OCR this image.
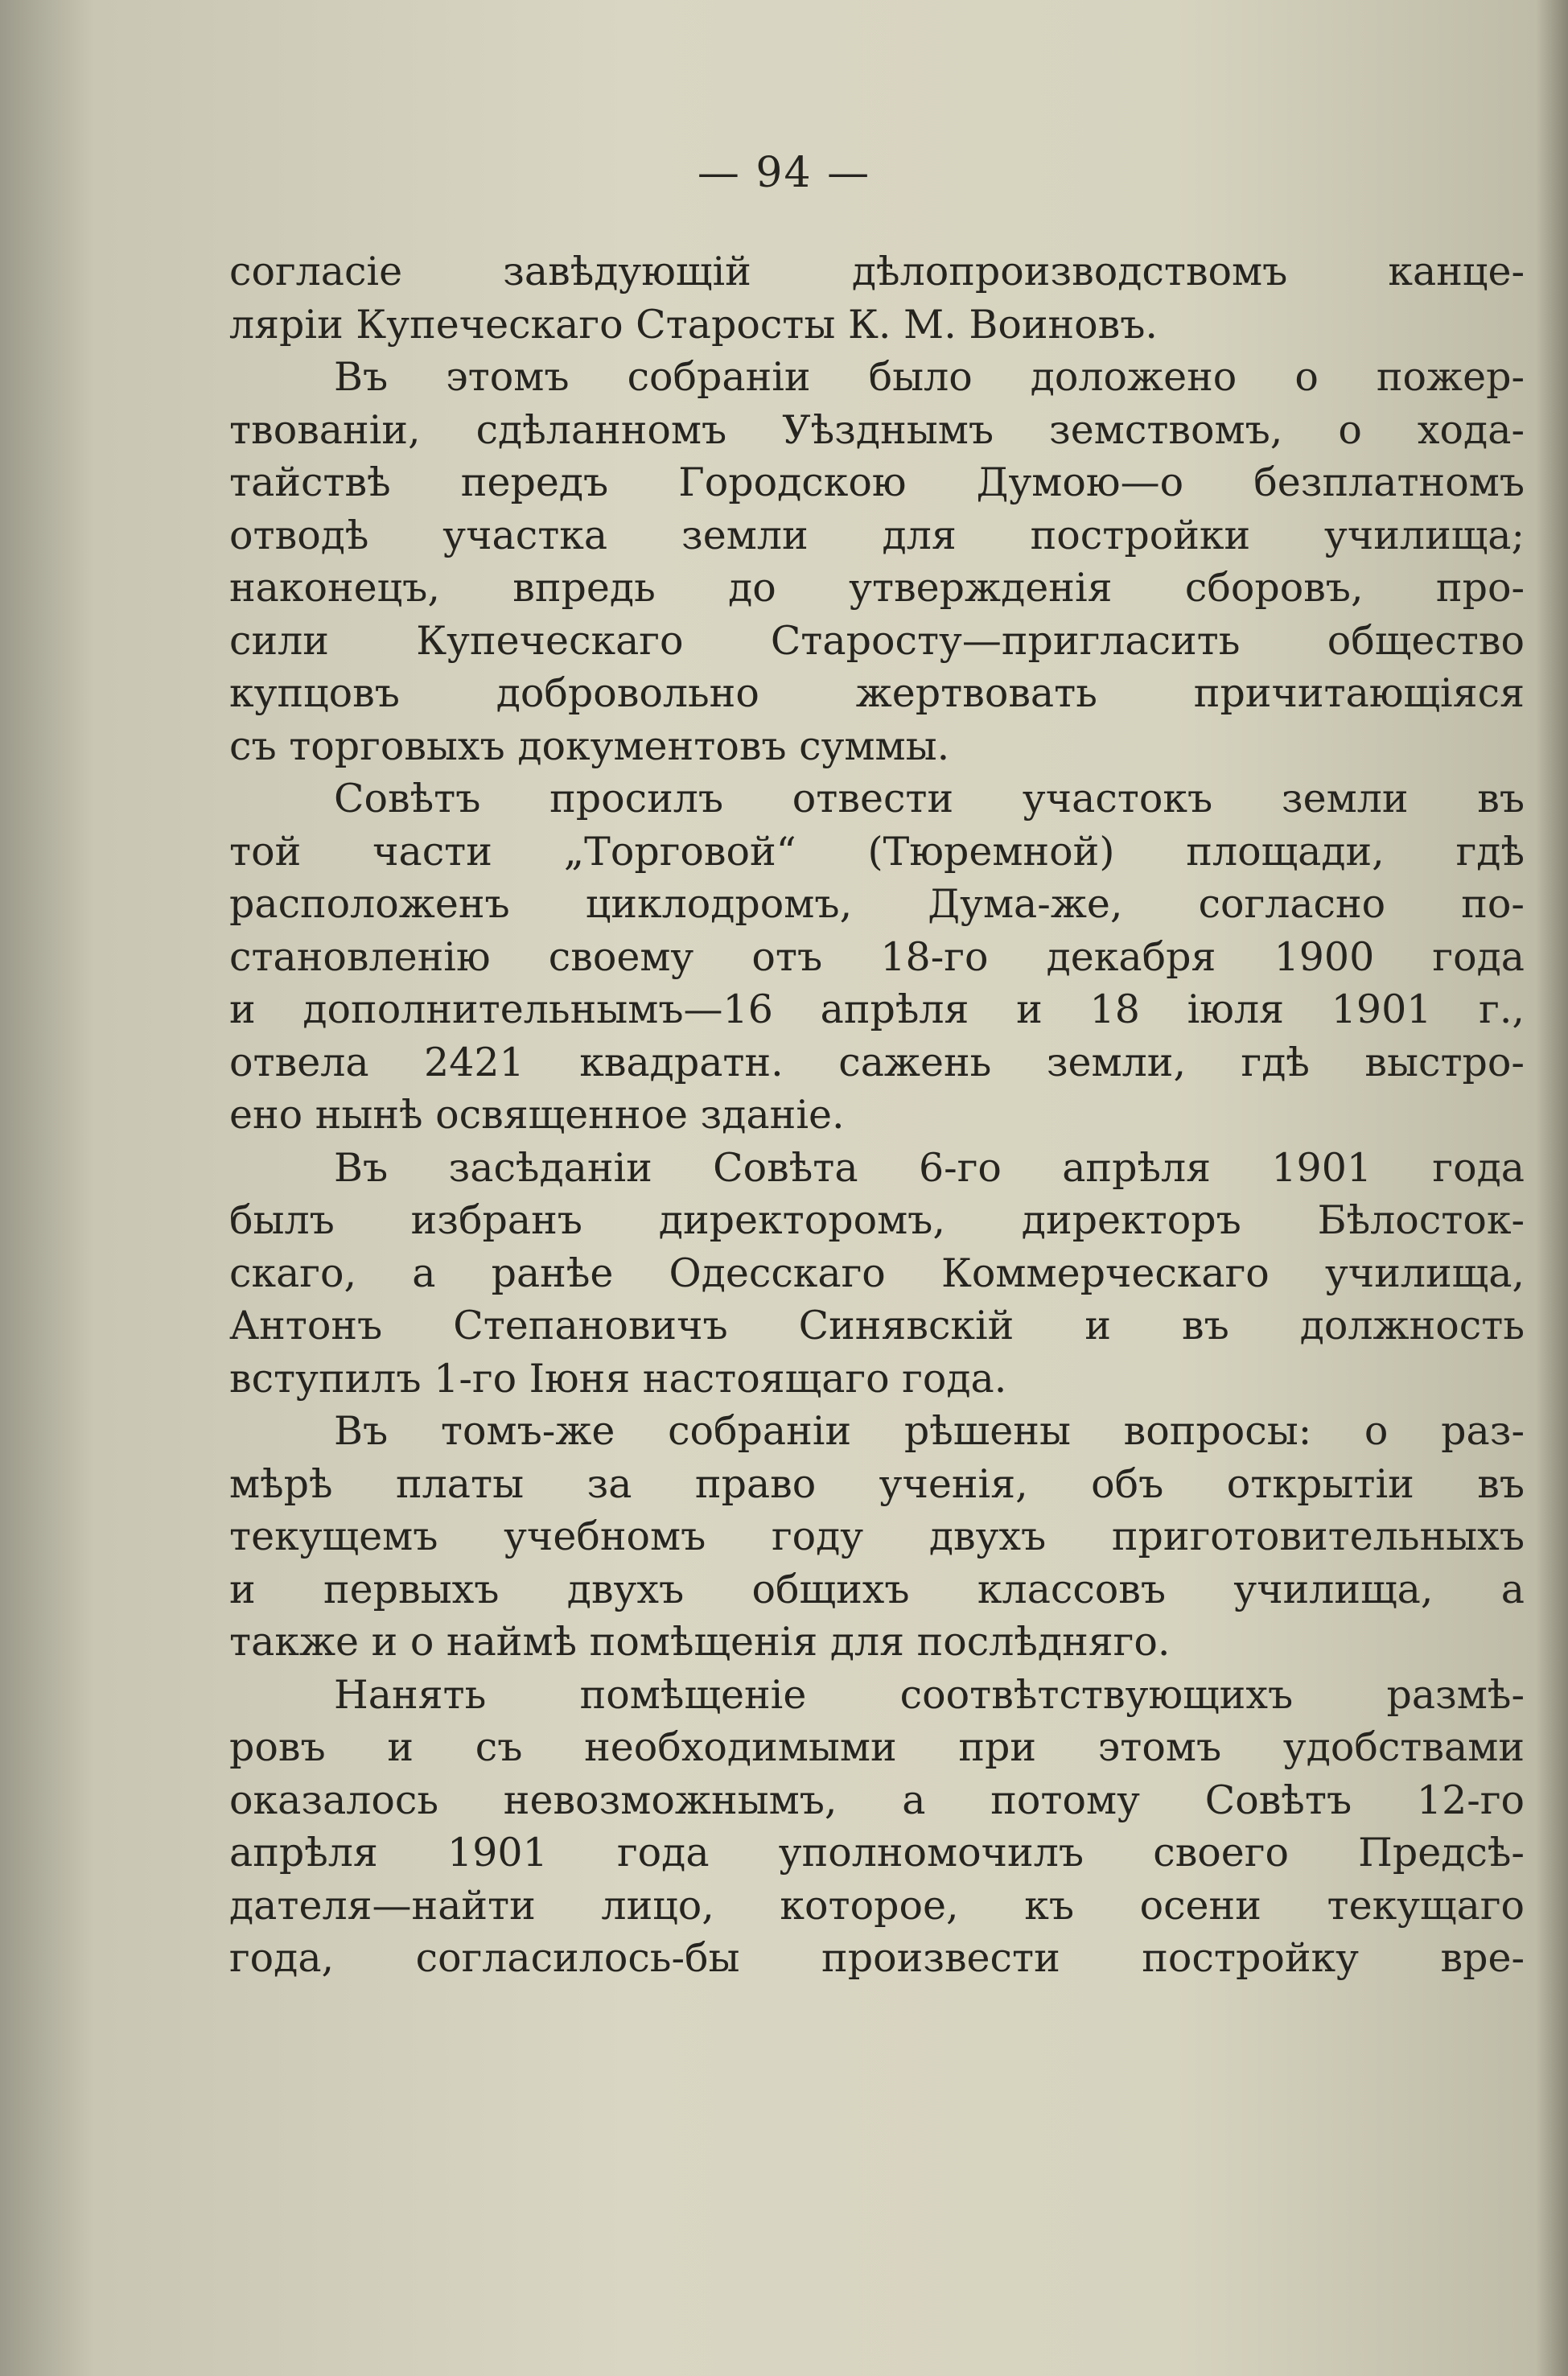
— 94 —
согласіе завѣдующій дѣлопроизводствомъ канце-
ляріи Купеческаго Старосты К. М. Воиновъ.
Въ этомъ собраніи было доложено о пожер-
твованіи, сдѣланномъ Уѣзднымъ земствомъ, о хода-
тайствѣ передъ Городскою Думою—о безплатномъ
отводѣ участка земли для постройки училища;
наконецъ, впредь до утвержденія сборовъ, про-
сили Купеческаго Старосту—пригласить общество
купцовъ добровольно жертвовать причитающіяся
съ торговыхъ документовъ суммы.
Совѣтъ просилъ отвести участокъ земли въ
той части „Торговой“ (Тюремной) площади, гдѣ
расположенъ циклодромъ, Дума-же, согласно по-
становленію своему отъ 18-го декабря 1900 года
и дополнительнымъ—16 апрѣля и 18 іюля 1901 г.,
отвела 2421 квадратн. сажень земли, гдѣ выстро-
ено нынѣ освященное зданіе.
Въ засѣданіи Совѣта 6-го апрѣля 1901 года
былъ избранъ директоромъ, директоръ Бѣлосток-
скаго, а ранѣе Одесскаго Коммерческаго училища,
Антонъ Степановичъ Синявскій и въ должность
вступилъ 1-го Іюня настоящаго года.
Въ томъ-же собраніи рѣшены вопросы: о раз-
мѣрѣ платы за право ученія, объ открытіи въ
текущемъ учебномъ году двухъ приготовительныхъ
и первыхъ двухъ общихъ классовъ училища, а
также и о наймѣ помѣщенія для послѣдняго.
Нанять помѣщеніе соотвѣтствующихъ размѣ-
ровъ и съ необходимыми при этомъ удобствами
оказалось невозможнымъ, а потому Совѣтъ 12-го
апрѣля 1901 года уполномочилъ своего Предсѣ-
дателя—найти лицо, которое, къ осени текущаго
года, согласилось-бы произвести постройку вре-
